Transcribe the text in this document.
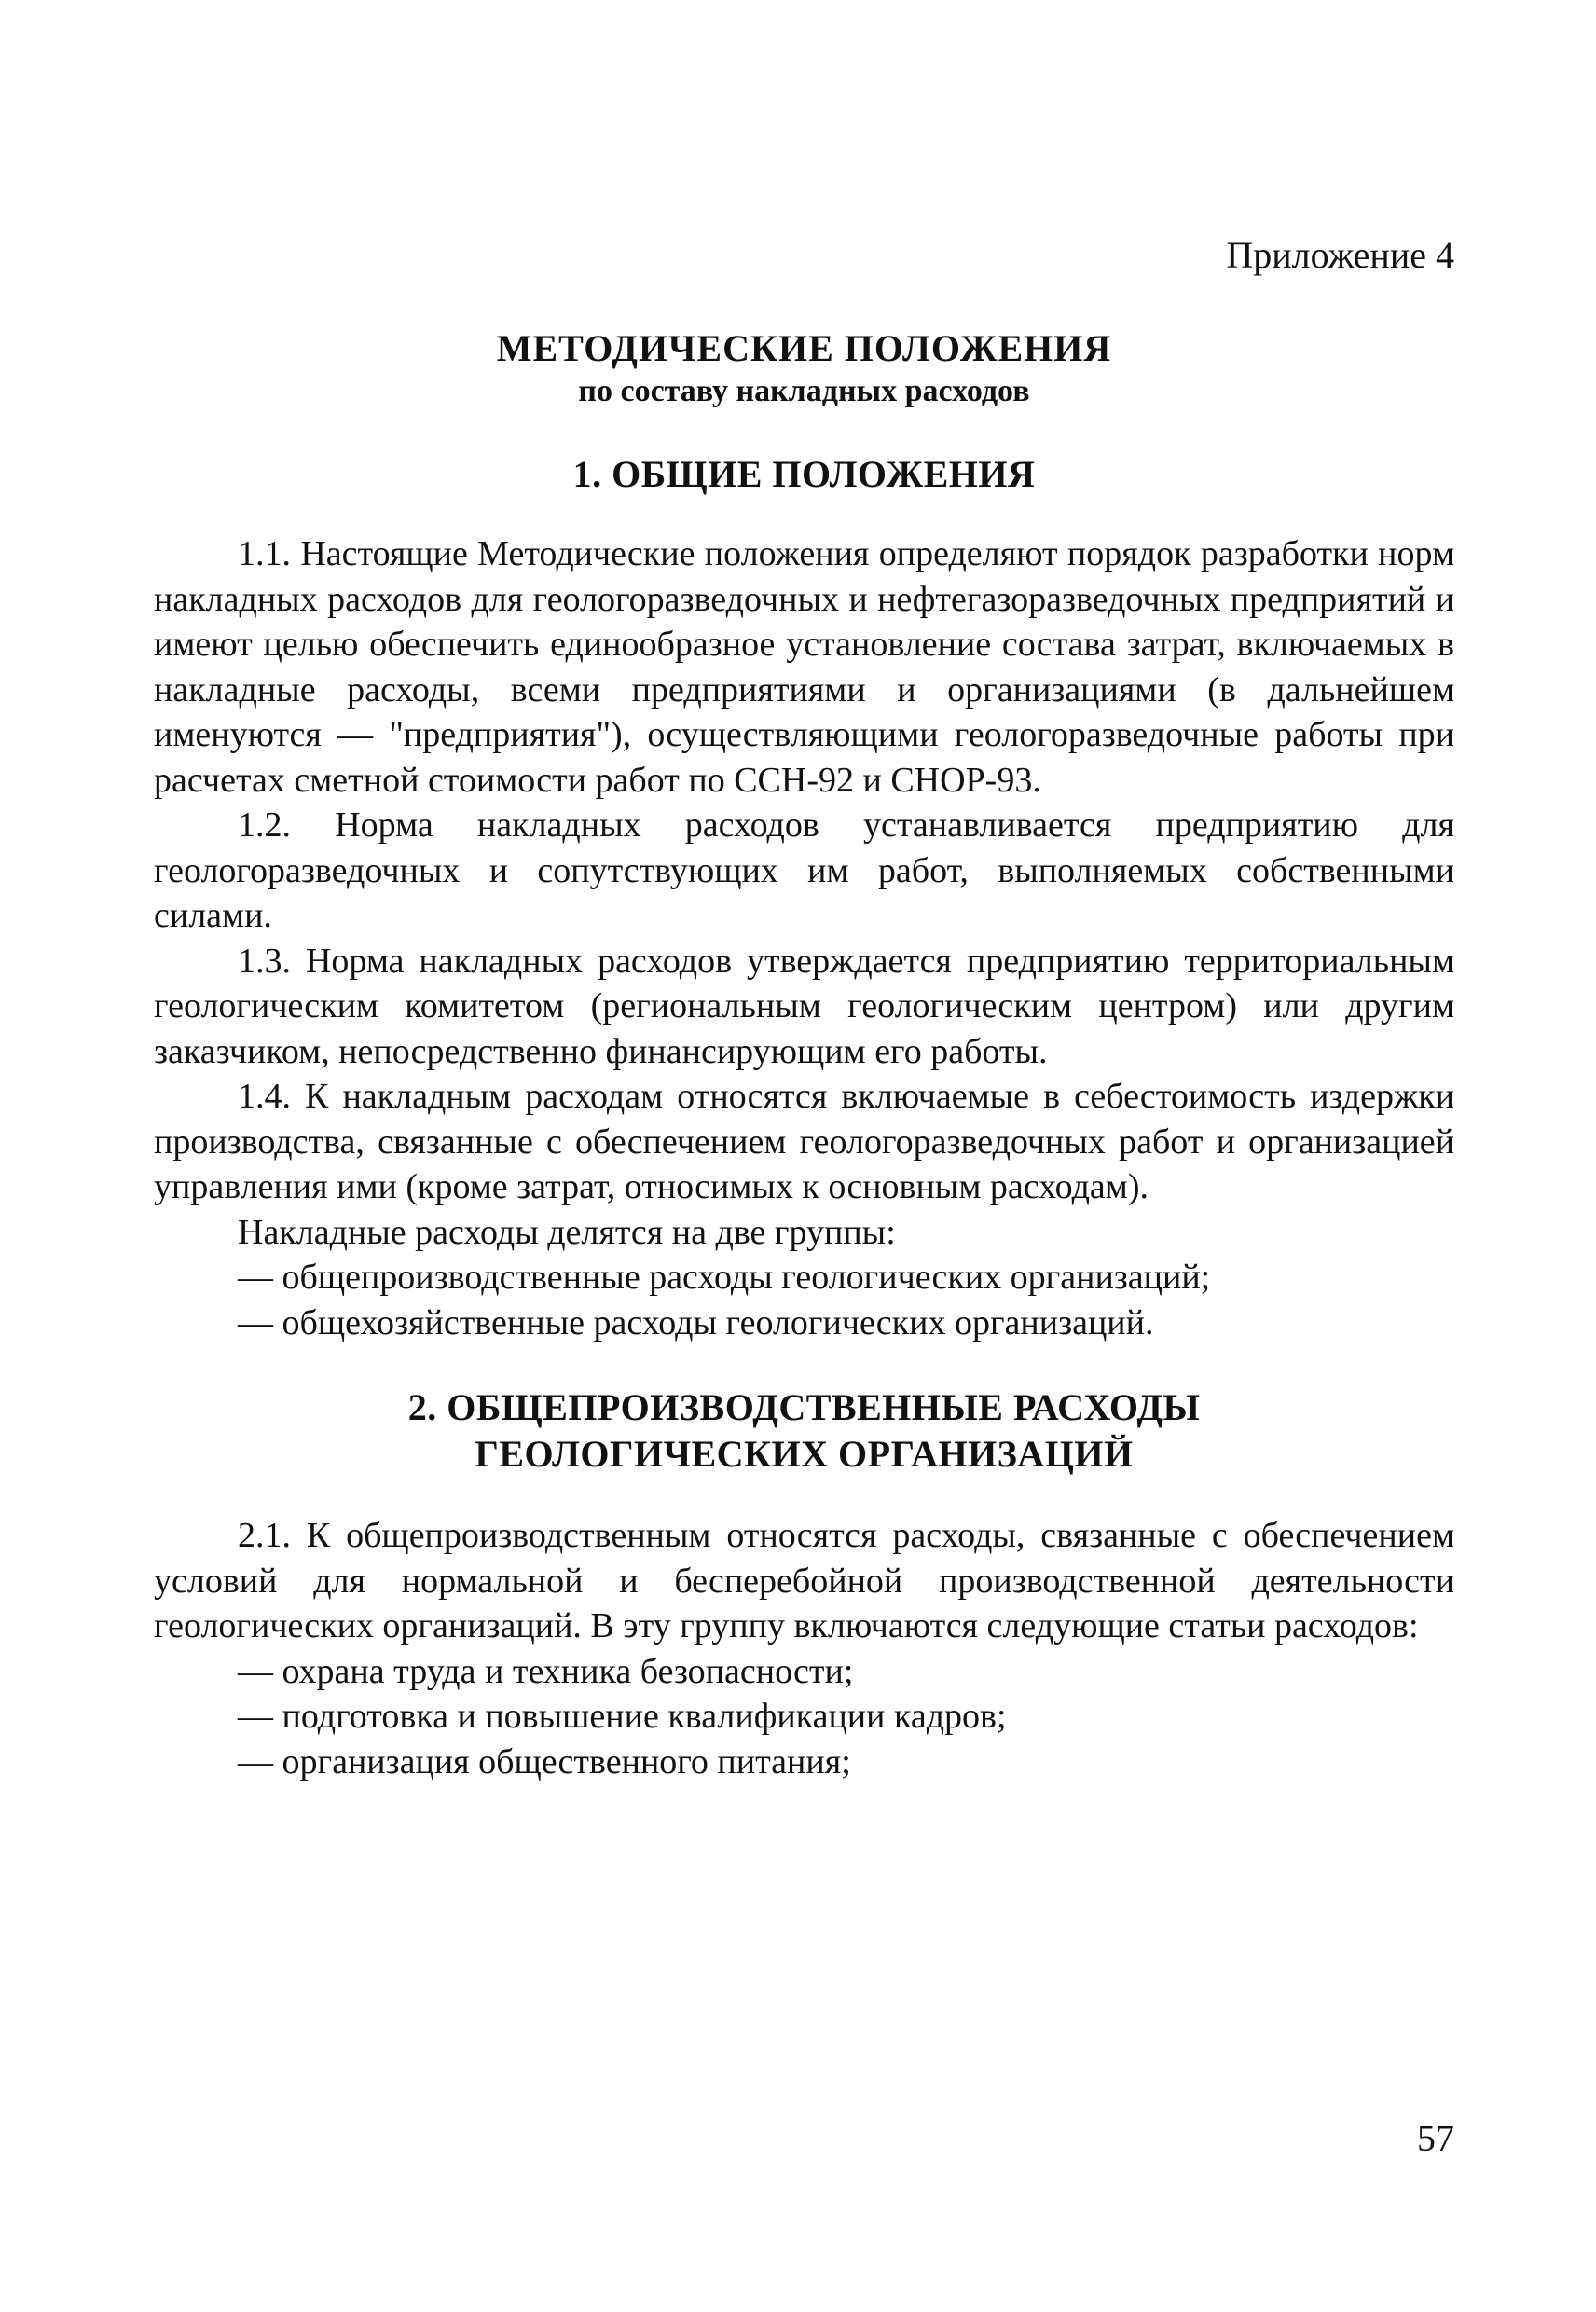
Приложение 4

МЕТОДИЧЕСКИЕ ПОЛОЖЕНИЯ

по составу накладных расходов

1. ОБЩИЕ ПОЛОЖЕНИЯ

1.1. Настоящие Методические положения определяют порядок разработки норм накладных расходов для геологоразведочных и нефтегазоразведочных предприятий и имеют целью обеспечить единообразное установление состава затрат, включаемых в накладные расходы, всеми предприятиями и организациями (в дальнейшем именуются — "предприятия"), осуществляющими геологоразведочные работы при расчетах сметной стоимости работ по ССН-92 и СНОР-93.

1.2. Норма накладных расходов устанавливается предприятию для геологоразведочных и сопутствующих им работ, выполняемых собственными силами.

1.3. Норма накладных расходов утверждается предприятию территориальным геологическим комитетом (региональным геологическим центром) или другим заказчиком, непосредственно финансирующим его работы.

1.4. К накладным расходам относятся включаемые в себестоимость издержки производства, связанные с обеспечением геологоразведочных работ и организацией управления ими (кроме затрат, относимых к основным расходам).

Накладные расходы делятся на две группы:

— общепроизводственные расходы геологических организаций;
— общехозяйственные расходы геологических организаций.
2. ОБЩЕПРОИЗВОДСТВЕННЫЕ РАСХОДЫ
ГЕОЛОГИЧЕСКИХ ОРГАНИЗАЦИЙ

2.1. К общепроизводственным относятся расходы, связанные с обеспечением условий для нормальной и бесперебойной производственной деятельности геологических организаций. В эту группу включаются следующие статьи расходов:

— охрана труда и техника безопасности;
— подготовка и повышение квалификации кадров;
— организация общественного питания;
57
